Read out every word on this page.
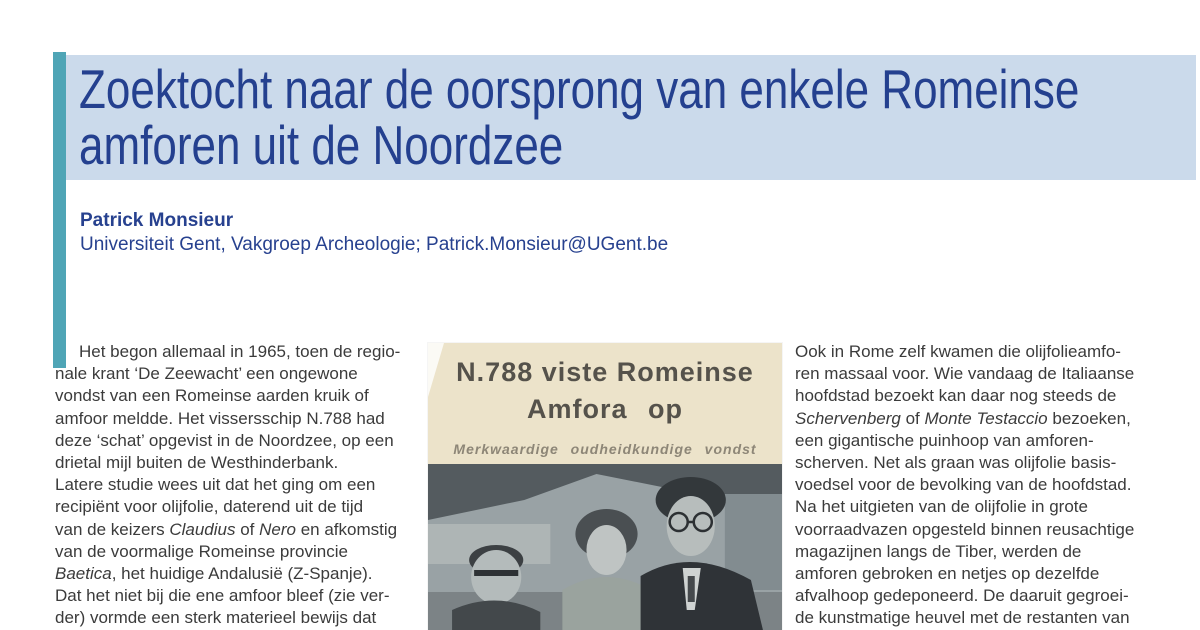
Zoektocht naar de oorsprong van enkele Romeinse
amforen uit de Noordzee
Patrick Monsieur
Universiteit Gent, Vakgroep Archeologie; Patrick.Monsieur@UGent.be
Het begon allemaal in 1965, toen de regio-
nale krant ‘De Zeewacht’ een ongewone
vondst van een Romeinse aarden kruik of
amfoor meldde. Het vissersschip N.788 had
deze ‘schat’ opgevist in de Noordzee, op een
drietal mijl buiten de Westhinderbank.
Latere studie wees uit dat het ging om een
recipiënt voor olijfolie, daterend uit de tijd
van de keizers Claudius of Nero en afkomstig
van de voormalige Romeinse provincie
Baetica, het huidige Andalusië (Z-Spanje).
Dat het niet bij die ene amfoor bleef (zie ver-
der) vormde een sterk materieel bewijs dat
N.788 viste Romeinse
Amfora op
Merkwaardige oudheidkundige vondst
Ook in Rome zelf kwamen die olijfolieamfo-
ren massaal voor. Wie vandaag de Italiaanse
hoofdstad bezoekt kan daar nog steeds de
Schervenberg of Monte Testaccio bezoeken,
een gigantische puinhoop van amforen-
scherven. Net als graan was olijfolie basis-
voedsel voor de bevolking van de hoofdstad.
Na het uitgieten van de olijfolie in grote
voorraadvazen opgesteld binnen reusachtige
magazijnen langs de Tiber, werden de
amforen gebroken en netjes op dezelfde
afvalhoop gedeponeerd. De daaruit gegroei-
de kunstmatige heuvel met de restanten van
